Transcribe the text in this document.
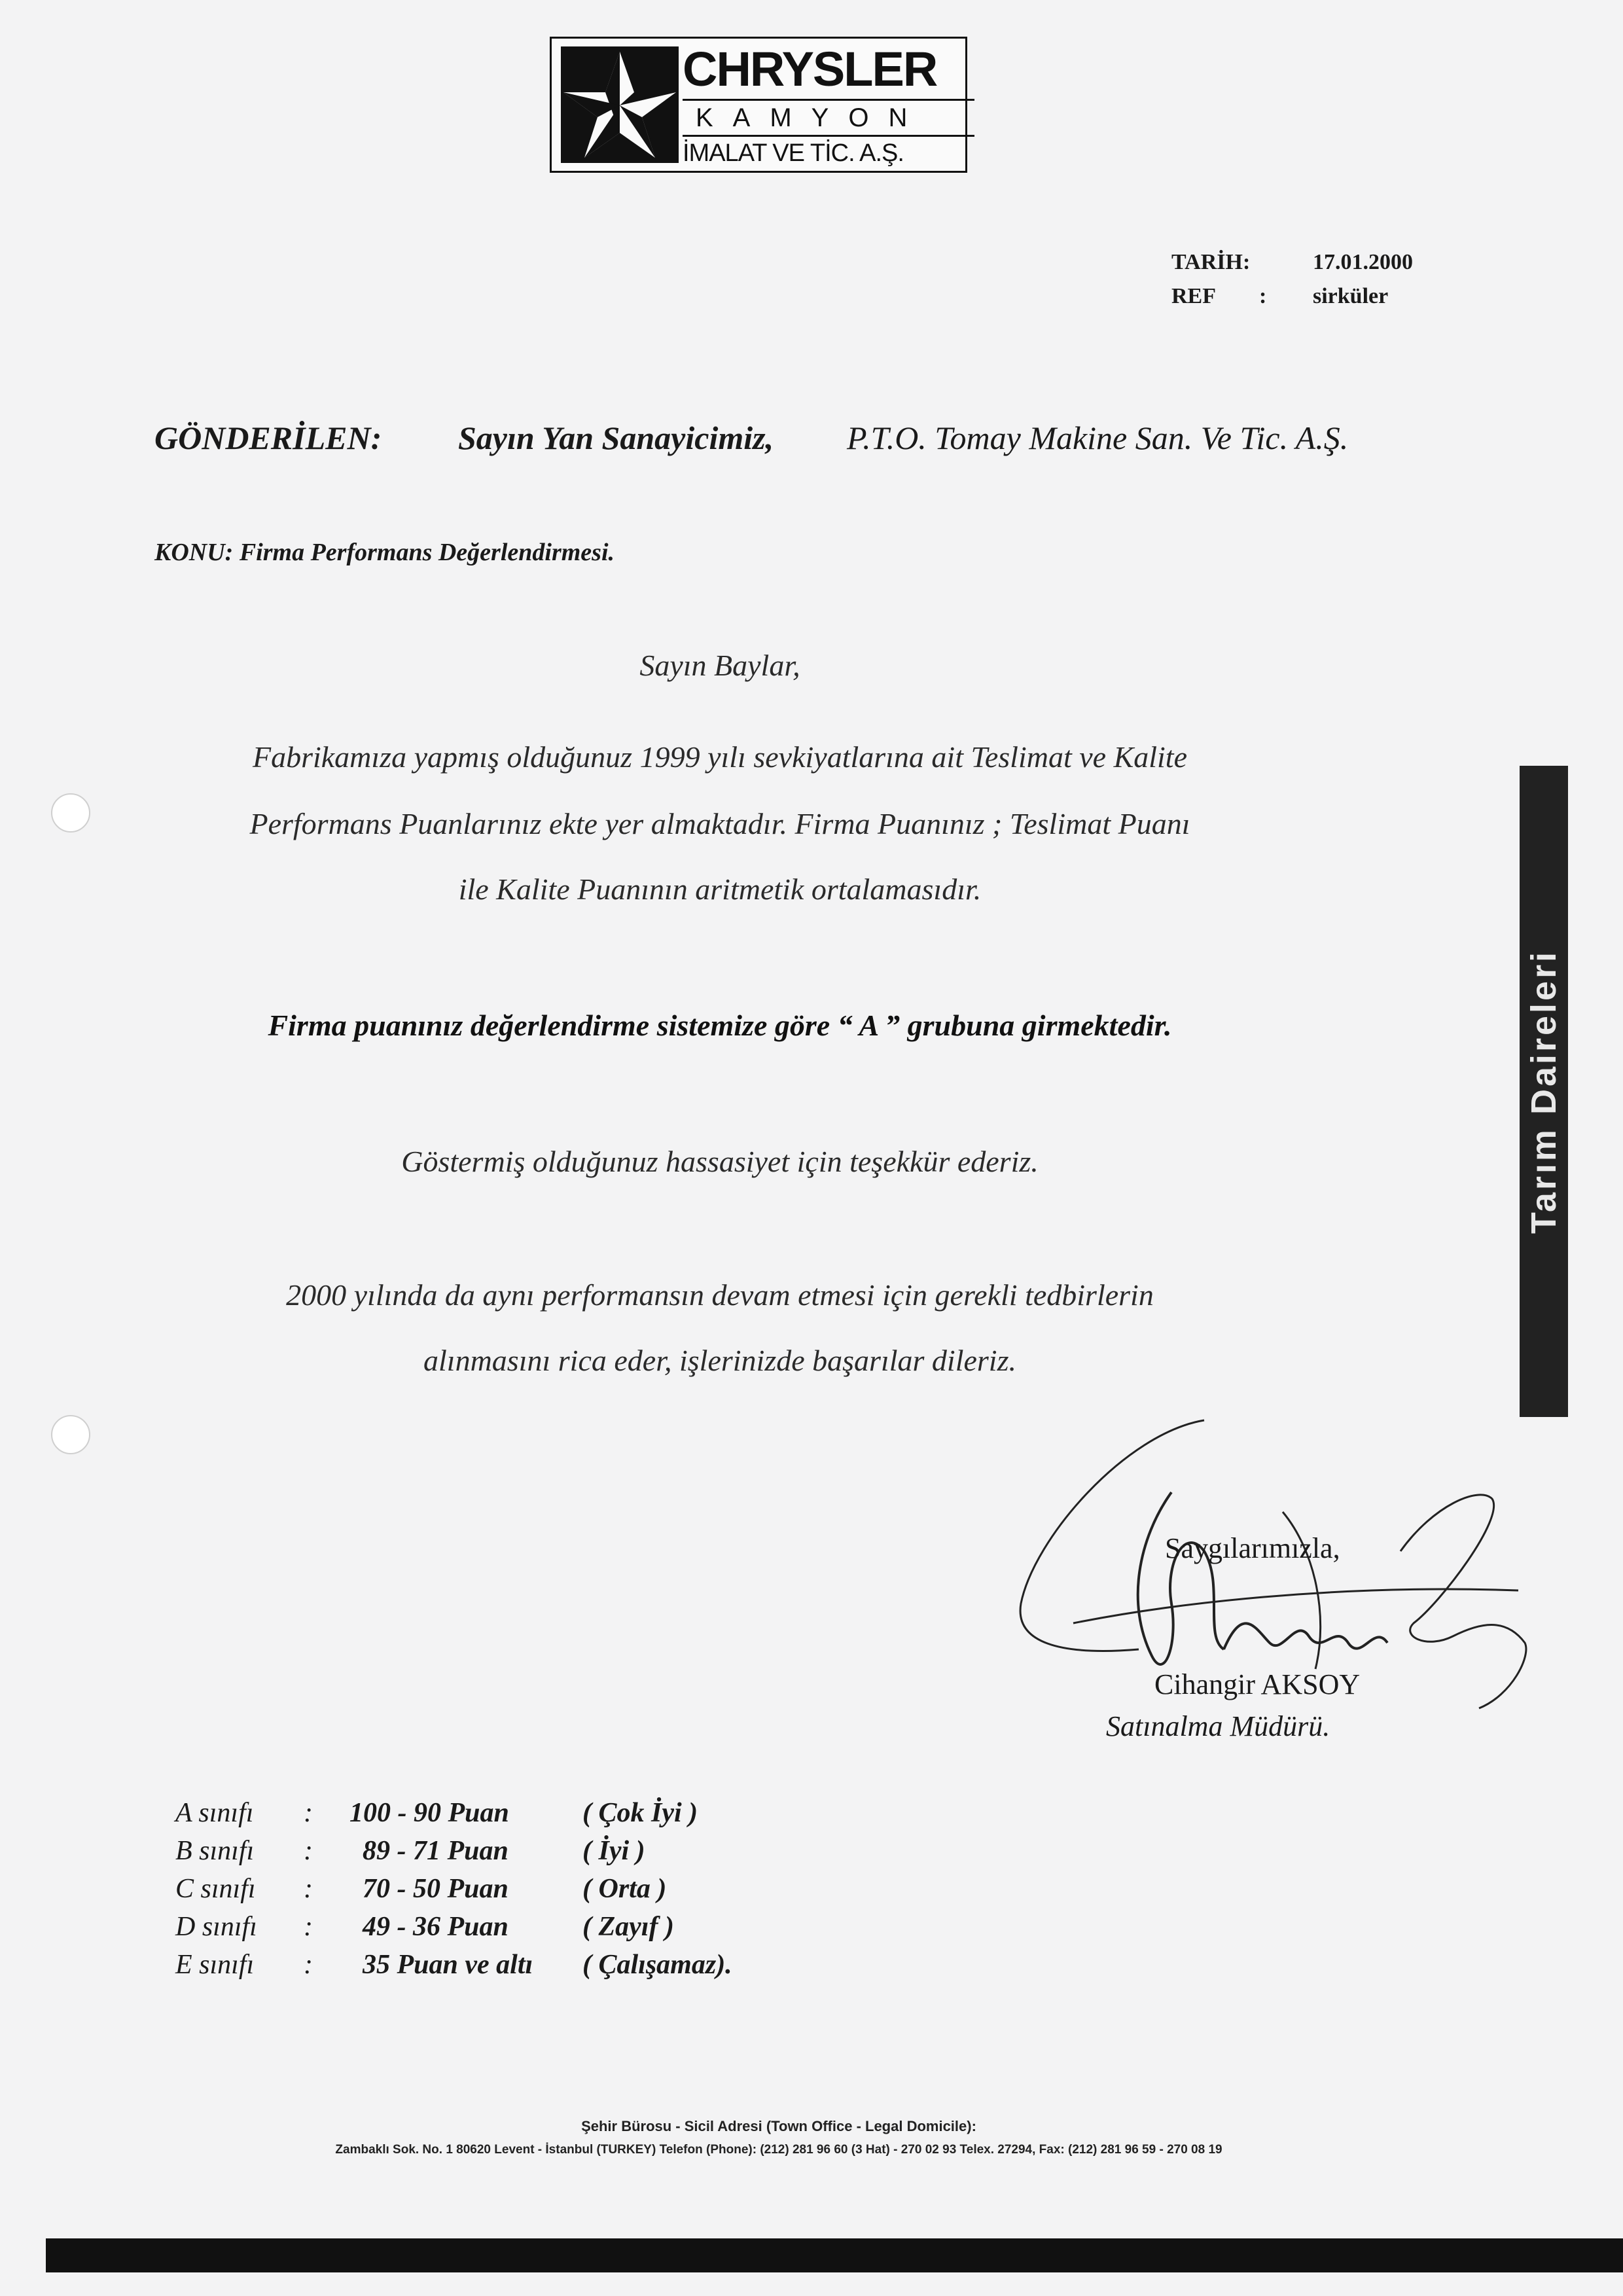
CHRYSLER
KAMYON
İMALAT VE TİC. A.Ş.
TARİH:	17.01.2000
REF : sirküler
GÖNDERİLEN: Sayın Yan Sanayicimiz, P.T.O. Tomay Makine San. Ve Tic. A.Ş.
KONU: Firma Performans Değerlendirmesi.
Sayın Baylar,
Fabrikamıza yapmış olduğunuz 1999 yılı sevkiyatlarına ait Teslimat ve Kalite
Performans Puanlarınız ekte yer almaktadır. Firma Puanınız ; Teslimat Puanı
ile Kalite Puanının aritmetik ortalamasıdır.
Firma puanınız değerlendirme sistemize göre “ A ” grubuna girmektedir.
Göstermiş olduğunuz hassasiyet için teşekkür ederiz.
2000 yılında da aynı performansın devam etmesi için gerekli tedbirlerin
alınmasını rica eder, işlerinizde başarılar dileriz.
Saygılarımızla,
Cihangir AKSOY
Satınalma Müdürü.
A sınıfı : 100 - 90 Puan	( Çok İyi )
B sınıfı : 89 - 71 Puan	( İyi )
C sınıfı : 70 - 50 Puan	( Orta )
D sınıfı : 49 - 36 Puan	( Zayıf )
E sınıfı : 35 Puan ve altı ( Çalışamaz).
Şehir Bürosu - Sicil Adresi (Town Office - Legal Domicile):
Zambaklı Sok. No. 1 80620 Levent - İstanbul (TURKEY) Telefon (Phone): (212) 281 96 60 (3 Hat) - 270 02 93 Telex. 27294, Fax: (212) 281 96 59 - 270 08 19
Tarım Daireleri
